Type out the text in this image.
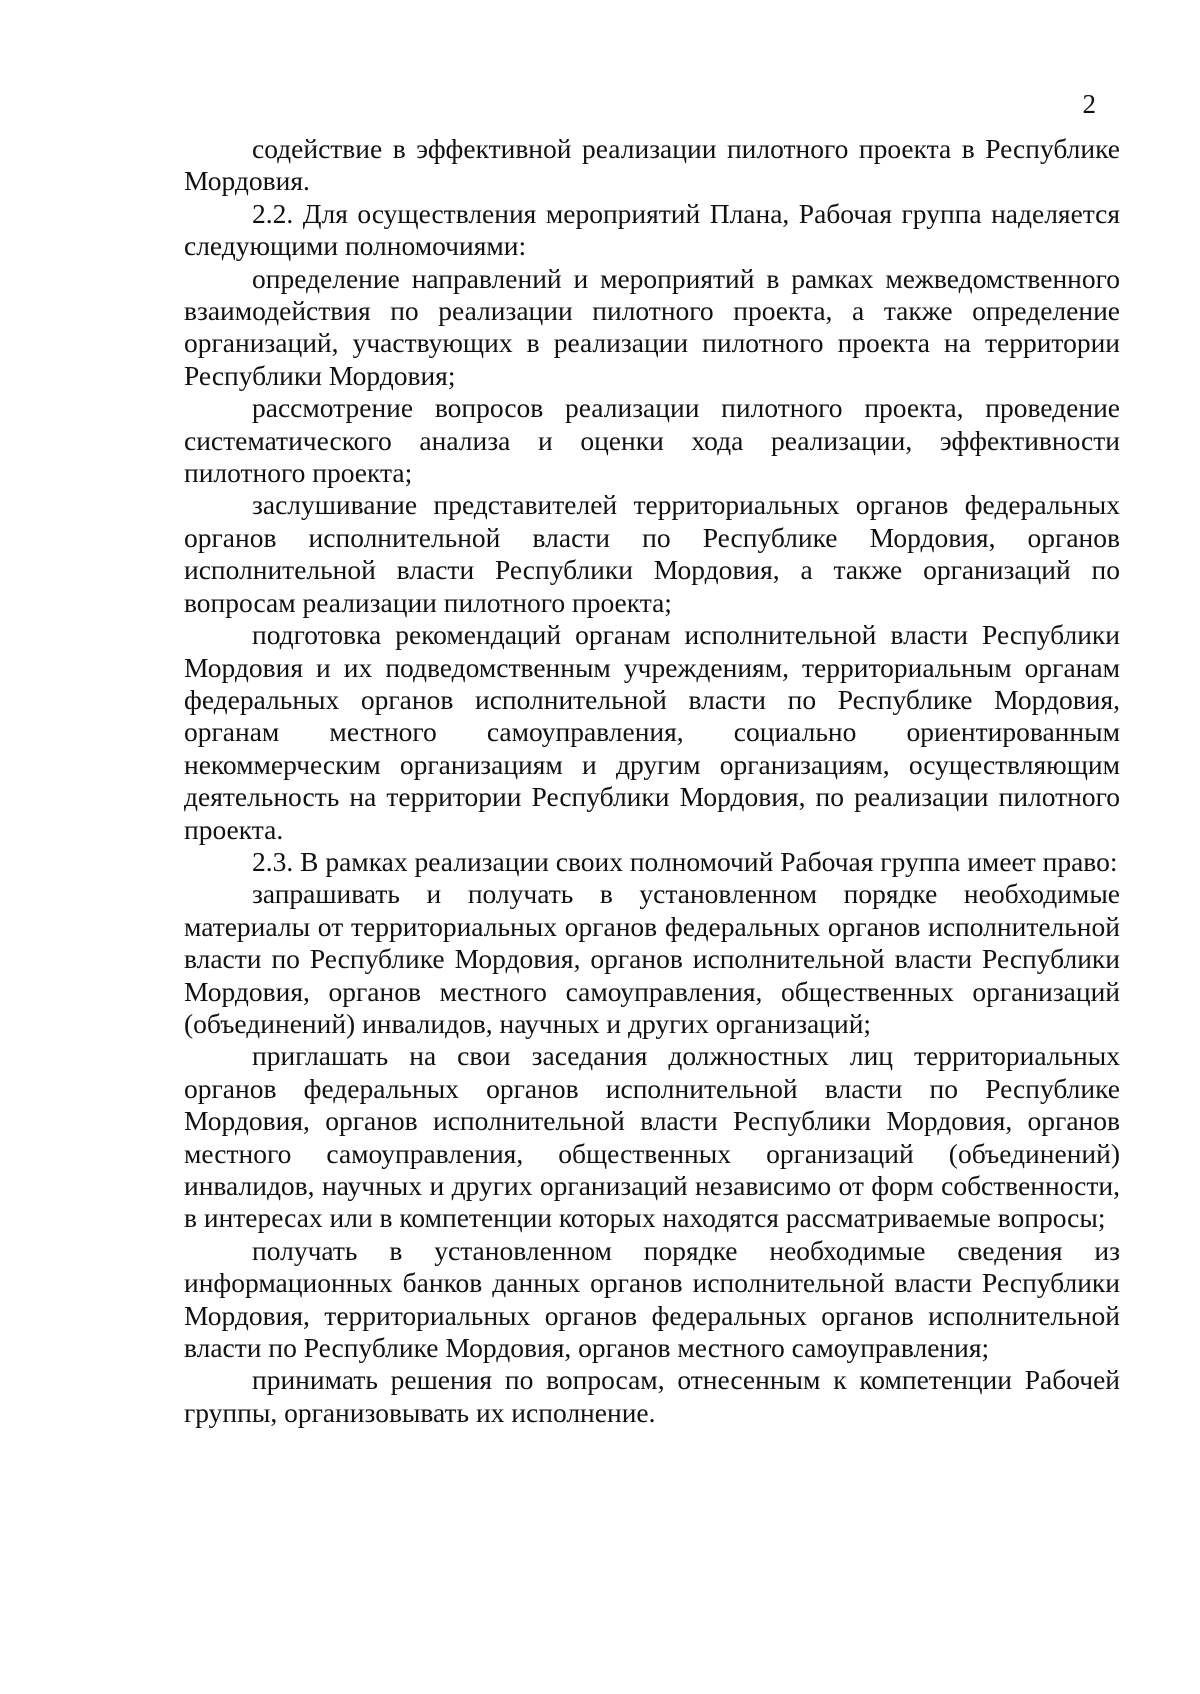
2

содействие в эффективной реализации пилотного проекта в Республике Мордовия.

2.2. Для осуществления мероприятий Плана, Рабочая группа наделяется следующими полномочиями:

определение направлений и мероприятий в рамках межведомственного взаимодействия по реализации пилотного проекта, а также определение организаций, участвующих в реализации пилотного проекта на территории Республики Мордовия;

рассмотрение вопросов реализации пилотного проекта, проведение систематического анализа и оценки хода реализации, эффективности пилотного проекта;

заслушивание представителей территориальных органов федеральных органов исполнительной власти по Республике Мордовия, органов исполнительной власти Республики Мордовия, а также организаций по вопросам реализации пилотного проекта;

подготовка рекомендаций органам исполнительной власти Республики Мордовия и их подведомственным учреждениям, территориальным органам федеральных органов исполнительной власти по Республике Мордовия, органам местного самоуправления, социально ориентированным некоммерческим организациям и другим организациям, осуществляющим деятельность на территории Республики Мордовия, по реализации пилотного проекта.

2.3. В рамках реализации своих полномочий Рабочая группа имеет право:

запрашивать и получать в установленном порядке необходимые материалы от территориальных органов федеральных органов исполнительной власти по Республике Мордовия, органов исполнительной власти Республики Мордовия, органов местного самоуправления, общественных организаций (объединений) инвалидов, научных и других организаций;

приглашать на свои заседания должностных лиц территориальных органов федеральных органов исполнительной власти по Республике Мордовия, органов исполнительной власти Республики Мордовия, органов местного самоуправления, общественных организаций (объединений) инвалидов, научных и других организаций независимо от форм собственности, в интересах или в компетенции которых находятся рассматриваемые вопросы;

получать в установленном порядке необходимые сведения из информационных банков данных органов исполнительной власти Республики Мордовия, территориальных органов федеральных органов исполнительной власти по Республике Мордовия, органов местного самоуправления;

принимать решения по вопросам, отнесенным к компетенции Рабочей группы, организовывать их исполнение.
